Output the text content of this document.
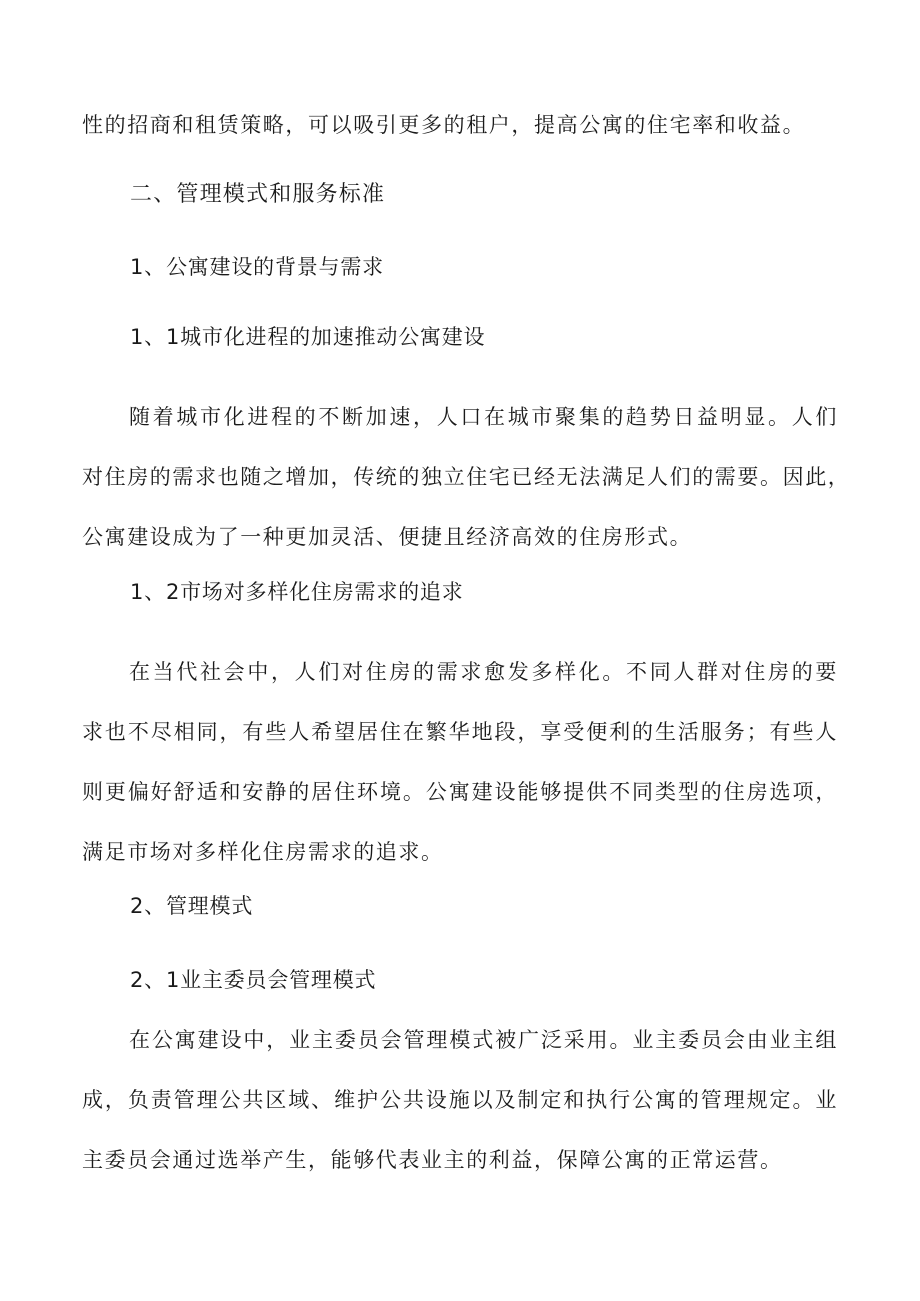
性的招商和租赁策略，可以吸引更多的租户，提高公寓的住宅率和收益。
二、管理模式和服务标准
1、公寓建设的背景与需求
1、1城市化进程的加速推动公寓建设
随着城市化进程的不断加速，人口在城市聚集的趋势日益明显。人们
对住房的需求也随之增加，传统的独立住宅已经无法满足人们的需要。因此，
公寓建设成为了一种更加灵活、便捷且经济高效的住房形式。
1、2市场对多样化住房需求的追求
在当代社会中，人们对住房的需求愈发多样化。不同人群对住房的要
求也不尽相同，有些人希望居住在繁华地段，享受便利的生活服务；有些人
则更偏好舒适和安静的居住环境。公寓建设能够提供不同类型的住房选项，
满足市场对多样化住房需求的追求。
2、管理模式
2、1业主委员会管理模式
在公寓建设中，业主委员会管理模式被广泛采用。业主委员会由业主组
成，负责管理公共区域、维护公共设施以及制定和执行公寓的管理规定。业
主委员会通过选举产生，能够代表业主的利益，保障公寓的正常运营。
